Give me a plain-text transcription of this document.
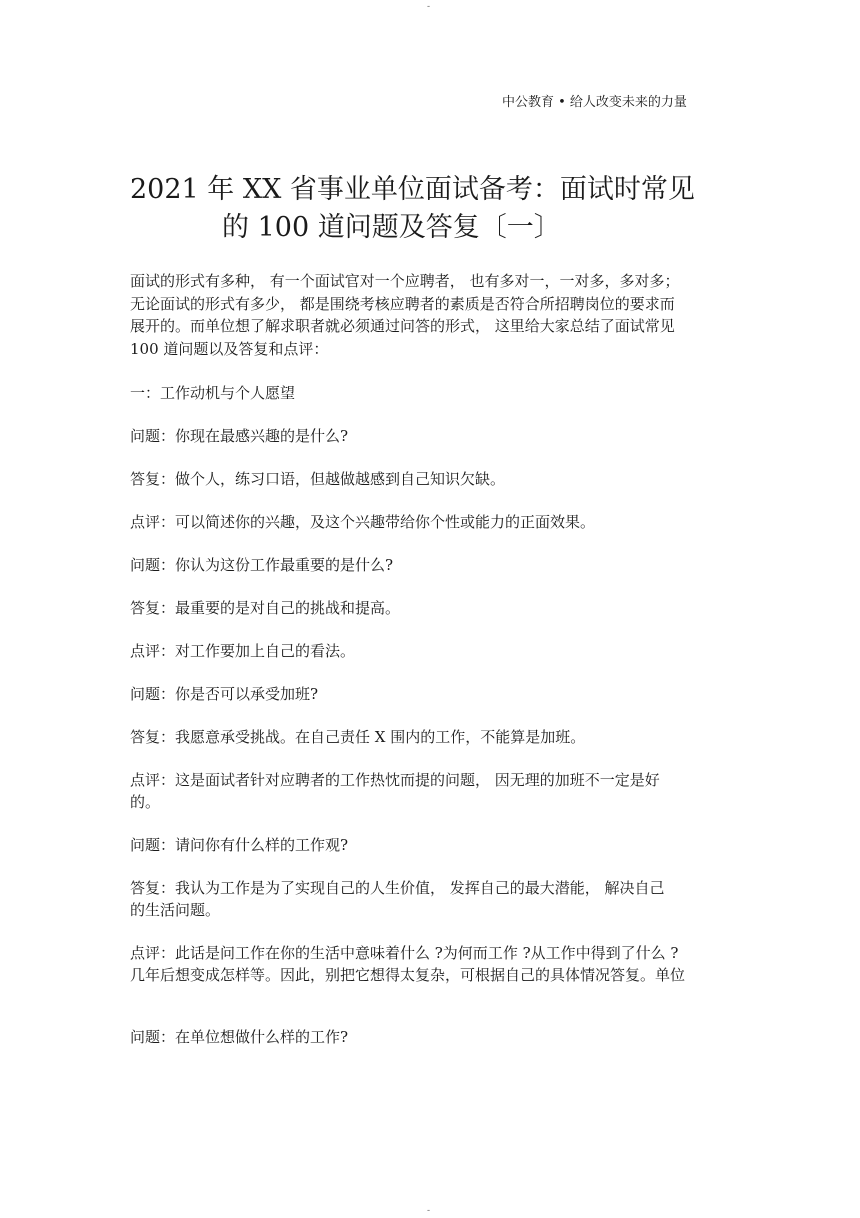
-
中公教育 • 给人改变未来的力量
2021 年 XX 省事业单位面试备考：面试时常见
的 100 道问题及答复〔一〕
面试的形式有多种， 有一个面试官对一个应聘者， 也有多对一，一对多，多对多；
无论面试的形式有多少， 都是围绕考核应聘者的素质是否符合所招聘岗位的要求而
展开的。而单位想了解求职者就必须通过问答的形式， 这里给大家总结了面试常见
100 道问题以及答复和点评：
一：工作动机与个人愿望
问题：你现在最感兴趣的是什么?
答复：做个人，练习口语，但越做越感到自己知识欠缺。
点评：可以简述你的兴趣，及这个兴趣带给你个性或能力的正面效果。
问题：你认为这份工作最重要的是什么?
答复：最重要的是对自己的挑战和提高。
点评：对工作要加上自己的看法。
问题：你是否可以承受加班?
答复：我愿意承受挑战。在自己责任 X 围内的工作，不能算是加班。
点评：这是面试者针对应聘者的工作热忱而提的问题， 因无理的加班不一定是好
的。
问题：请问你有什么样的工作观?
答复：我认为工作是为了实现自己的人生价值， 发挥自己的最大潜能， 解决自己
的生活问题。
点评：此话是问工作在你的生活中意味着什么 ?为何而工作 ?从工作中得到了什么 ?
几年后想变成怎样等。因此，别把它想得太复杂，可根据自己的具体情况答复。单位
问题：在单位想做什么样的工作?
-
